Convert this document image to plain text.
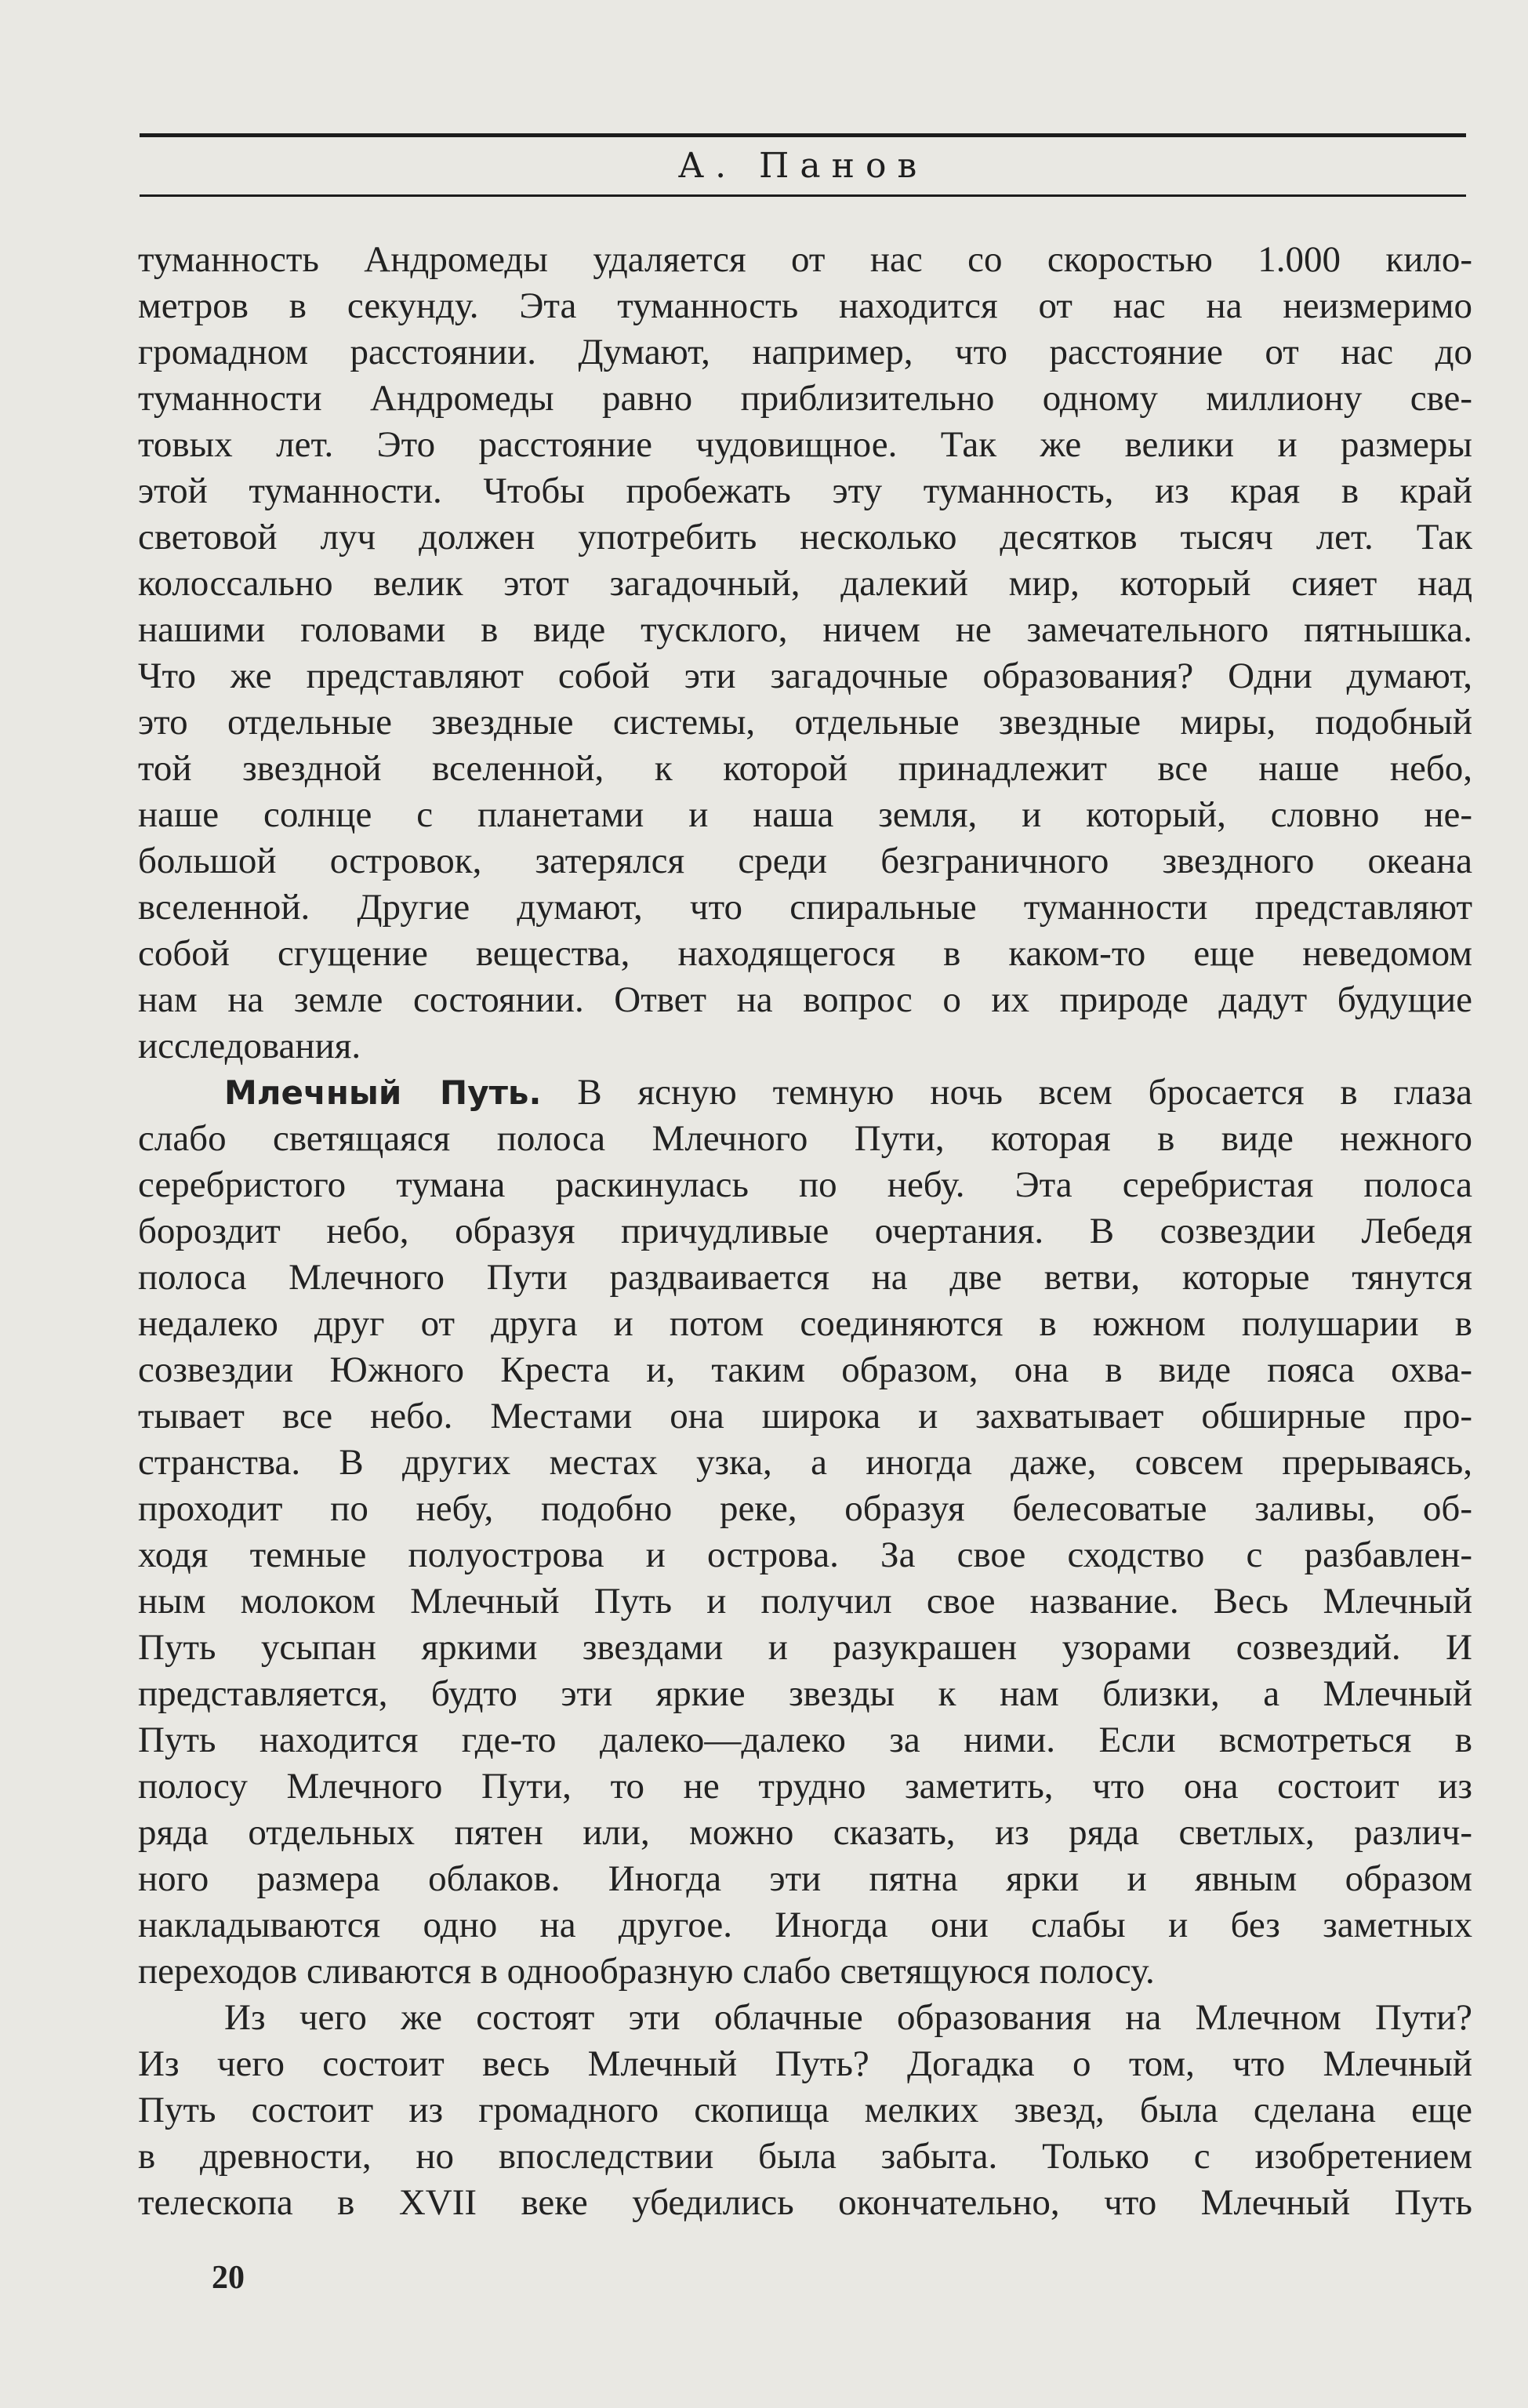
А. Панов
туманность Андромеды удаляется от нас со скоростью 1.000 кило-
метров в секунду. Эта туманность находится от нас на неизмеримо
громадном расстоянии. Думают, например, что расстояние от нас до
туманности Андромеды равно приблизительно одному миллиону све-
товых лет. Это расстояние чудовищное. Так же велики и размеры
этой туманности. Чтобы пробежать эту туманность, из края в край
световой луч должен употребить несколько десятков тысяч лет. Так
колоссально велик этот загадочный, далекий мир, который сияет над
нашими головами в виде тусклого, ничем не замечательного пятнышка.
Что же представляют собой эти загадочные образования? Одни думают,
это отдельные звездные системы, отдельные звездные миры, подобный
той звездной вселенной, к которой принадлежит все наше небо,
наше солнце с планетами и наша земля, и который, словно не-
большой островок, затерялся среди безграничного звездного океана
вселенной. Другие думают, что спиральные туманности представляют
собой сгущение вещества, находящегося в каком-то еще неведомом
нам на земле состоянии. Ответ на вопрос о их природе дадут будущие
исследования.
Млечный Путь. В ясную темную ночь всем бросается в глаза
слабо светящаяся полоса Млечного Пути, которая в виде нежного
серебристого тумана раскинулась по небу. Эта серебристая полоса
бороздит небо, образуя причудливые очертания. В созвездии Лебедя
полоса Млечного Пути раздваивается на две ветви, которые тянутся
недалеко друг от друга и потом соединяются в южном полушарии в
созвездии Южного Креста и, таким образом, она в виде пояса охва-
тывает все небо. Местами она широка и захватывает обширные про-
странства. В других местах узка, а иногда даже, совсем прерываясь,
проходит по небу, подобно реке, образуя белесоватые заливы, об-
ходя темные полуострова и острова. За свое сходство с разбавлен-
ным молоком Млечный Путь и получил свое название. Весь Млечный
Путь усыпан яркими звездами и разукрашен узорами созвездий. И
представляется, будто эти яркие звезды к нам близки, а Млечный
Путь находится где-то далеко—далеко за ними. Если всмотреться в
полосу Млечного Пути, то не трудно заметить, что она состоит из
ряда отдельных пятен или, можно сказать, из ряда светлых, различ-
ного размера облаков. Иногда эти пятна ярки и явным образом
накладываются одно на другое. Иногда они слабы и без заметных
переходов сливаются в однообразную слабо светящуюся полосу.
Из чего же состоят эти облачные образования на Млечном Пути?
Из чего состоит весь Млечный Путь? Догадка о том, что Млечный
Путь состоит из громадного скопища мелких звезд, была сделана еще
в древности, но впоследствии была забыта. Только с изобретением
телескопа в XVII веке убедились окончательно, что Млечный Путь
20
